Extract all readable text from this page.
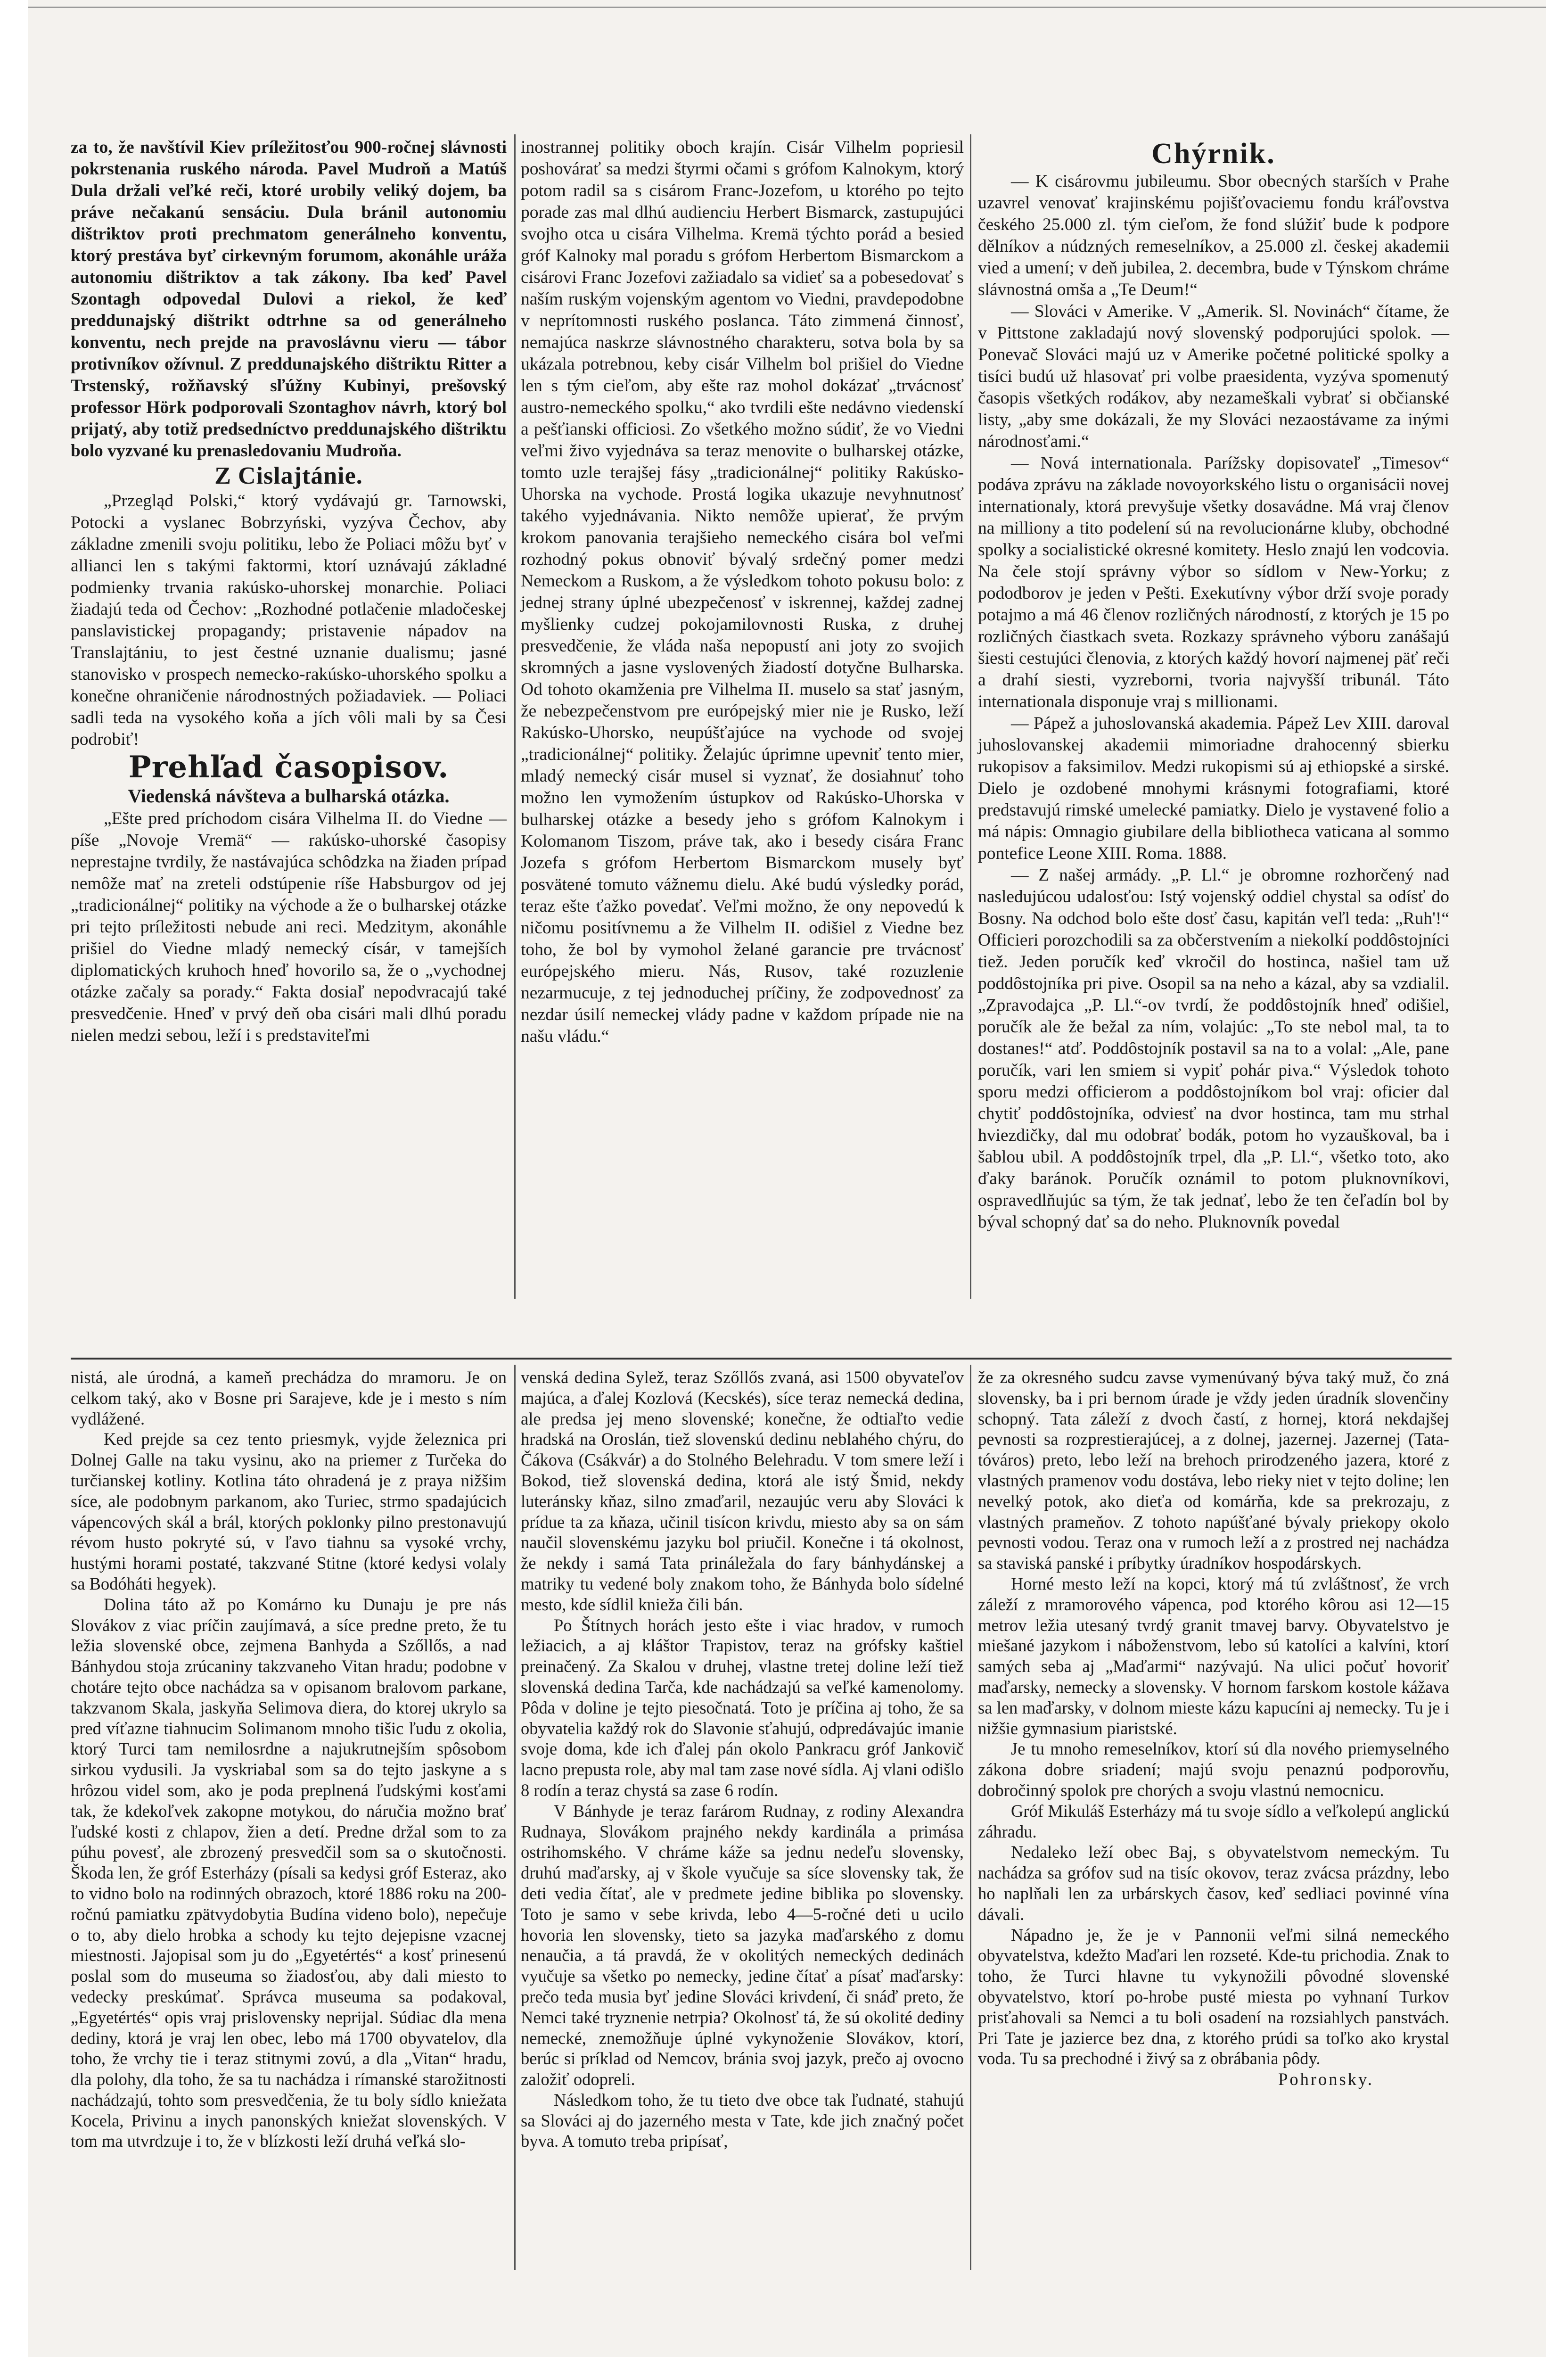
za to, že navštívil Kiev príležitosťou 900-ročnej slávnosti pokrstenania ruského národa. Pavel Mudroň a Matúš Dula držali veľké reči, ktoré urobily veliký dojem, ba práve nečakanú sensáciu. Dula bránil autonomiu dištriktov proti prechmatom generálneho konventu, ktorý prestáva byť cirkevným forumom, akonáhle uráža autonomiu dištriktov a tak zákony. Iba keď Pavel Szontagh odpovedal Dulovi a riekol, že keď preddunajský dištrikt odtrhne sa od generálneho konventu, nech prejde na pravoslávnu vieru — tábor protivníkov ožívnul. Z preddunajského dištriktu Ritter a Trstenský, rožňavský sľúžny Kubinyi, prešovský professor Hörk podporovali Szontaghov návrh, ktorý bol prijatý, aby totiž predsedníctvo preddunajského dištriktu bolo vyzvané ku prenasledovaniu Mudroňa.

Z Cislajtánie.

„Przegląd Polski,“ ktorý vydávajú gr. Tarnowski, Potocki a vyslanec Bobrzyński, vyzýva Čechov, aby základne zmenili svoju politiku, lebo že Poliaci môžu byť v allianci len s takými faktormi, ktorí uznávajú základné podmienky trvania rakúsko-uhorskej monarchie. Poliaci žiadajú teda od Čechov: „Rozhodné potlačenie mladočeskej panslavistickej propagandy; pristavenie nápadov na Translajtániu, to jest čestné uznanie dualismu; jasné stanovisko v prospech nemecko-rakúsko-uhorského spolku a konečne ohraničenie národnostných požiadaviek. — Poliaci sadli teda na vysokého koňa a jích vôli mali by sa Česi podrobiť!

Prehľad časopisov.

Viedenská návšteva a bulharská otázka.

„Ešte pred príchodom cisára Vilhelma II. do Viedne — píše „Novoje Vremä“ — rakúsko-uhorské časopisy neprestajne tvrdily, že nastávajúca schôdzka na žiaden prípad nemôže mať na zreteli odstúpenie ríše Habsburgov od jej „tradicionálnej“ politiky na východe a že o bulharskej otázke pri tejto príležitosti nebude ani reci. Medzitym, akonáhle prišiel do Viedne mladý nemecký císár, v tamejších diplomatických kruhoch hneď hovorilo sa, že o „vychodnej otázke začaly sa porady.“ Fakta dosiaľ nepodvracajú také presvedčenie. Hneď v prvý deň oba cisári mali dlhú poradu nielen medzi sebou, leží i s predstaviteľmi

inostrannej politiky oboch krajín. Cisár Vilhelm popriesil poshovárať sa medzi štyrmi očami s grófom Kalnokym, ktorý potom radil sa s cisárom Franc-Jozefom, u ktorého po tejto porade zas mal dlhú audienciu Herbert Bismarck, zastupujúci svojho otca u cisára Vilhelma. Kremä týchto porád a besied gróf Kalnoky mal poradu s grófom Herbertom Bismarckom a cisárovi Franc Jozefovi zažiadalo sa vidieť sa a pobesedovať s naším ruským vojenským agentom vo Viedni, pravdepodobne v neprítomnosti ruského poslanca. Táto zimmená činnosť, nemajúca naskrze slávnostného charakteru, sotva bola by sa ukázala potrebnou, keby cisár Vilhelm bol prišiel do Viedne len s tým cieľom, aby ešte raz mohol dokázať „trvácnosť austro-nemeckého spolku,“ ako tvrdili ešte nedávno viedenskí a pešťianski officiosi. Zo všetkého možno súdiť, že vo Viedni veľmi živo vyjednáva sa teraz menovite o bulharskej otázke, tomto uzle terajšej fásy „tradicionálnej“ politiky Rakúsko-Uhorska na vychode. Prostá logika ukazuje nevyhnutnosť takého vyjednávania. Nikto nemôže upierať, že prvým krokom panovania terajšieho nemeckého cisára bol veľmi rozhodný pokus obnoviť bývalý srdečný pomer medzi Nemeckom a Ruskom, a že výsledkom tohoto pokusu bolo: z jednej strany úplné ubezpečenosť v iskrennej, každej zadnej myšlienky cudzej pokojamilovnosti Ruska, z druhej presvedčenie, že vláda naša nepopustí ani joty zo svojich skromných a jasne vyslovených žiadostí dotyčne Bulharska. Od tohoto okamženia pre Vilhelma II. muselo sa stať jasným, že nebezpečenstvom pre európejský mier nie je Rusko, leží Rakúsko-Uhorsko, neupúšťajúce na vychode od svojej „tradicionálnej“ politiky. Želajúc úprimne upevniť tento mier, mladý nemecký cisár musel si vyznať, že dosiahnuť toho možno len vymožením ústupkov od Rakúsko-Uhorska v bulharskej otázke a besedy jeho s grófom Kalnokym i Kolomanom Tiszom, práve tak, ako i besedy cisára Franc Jozefa s grófom Herbertom Bismarckom musely byť posvätené tomuto vážnemu dielu. Aké budú výsledky porád, teraz ešte ťažko povedať. Veľmi možno, že ony nepovedú k ničomu positívnemu a že Vilhelm II. odišiel z Viedne bez toho, že bol by vymohol želané garancie pre trvácnosť európejského mieru. Nás, Rusov, také rozuzlenie nezarmucuje, z tej jednoduchej príčiny, že zodpovednosť za nezdar úsilí nemeckej vlády padne v každom prípade nie na našu vládu.“

Chýrnik.

— K cisárovmu jubileumu. Sbor obecných starších v Prahe uzavrel venovať krajinskému pojišťovaciemu fondu kráľovstva českého 25.000 zl. tým cieľom, že fond slúžiť bude k podpore dělníkov a núdzných remeselníkov, a 25.000 zl. českej akademii vied a umení; v deň jubilea, 2. decembra, bude v Týnskom chráme slávnostná omša a „Te Deum!“

— Slováci v Amerike. V „Amerik. Sl. Novinách“ čítame, že v Pittstone zakladajú nový slovenský podporujúci spolok. — Ponevač Slováci majú uz v Amerike početné politické spolky a tisíci budú už hlasovať pri volbe praesidenta, vyzýva spomenutý časopis všetkých rodákov, aby nezameškali vybrať si občianské listy, „aby sme dokázali, že my Slováci nezaostávame za inými národnosťami.“

— Nová internationala. Parížsky dopisovateľ „Timesov“ podáva zprávu na základe novoyorkského listu o organisácii novej internationaly, ktorá prevyšuje všetky dosavádne. Má vraj členov na milliony a tito podelení sú na revolucionárne kluby, obchodné spolky a socialistické okresné komitety. Heslo znajú len vodcovia. Na čele stojí správny výbor so sídlom v New-Yorku; z pododborov je jeden v Pešti. Exekutívny výbor drží svoje porady potajmo a má 46 členov rozličných národností, z ktorých je 15 po rozličných čiastkach sveta. Rozkazy správneho výboru zanášajú šiesti cestujúci členovia, z ktorých každý hovorí najmenej päť reči a drahí siesti, vyzreborni, tvoria najvyšší tribunál. Táto internationala disponuje vraj s millionami.

— Pápež a juhoslovanská akademia. Pápež Lev XIII. daroval juhoslovanskej akademii mimoriadne drahocenný sbierku rukopisov a faksimilov. Medzi rukopismi sú aj ethiopské a sirské. Dielo je ozdobené mnohymi krásnymi fotografiami, ktoré predstavujú rimské umelecké pamiatky. Dielo je vystavené folio a má nápis: Omnagio giubilare della bibliotheca vaticana al sommo pontefice Leone XIII. Roma. 1888.

— Z našej armády. „P. Ll.“ je obromne rozhorčený nad nasledujúcou udalosťou: Istý vojenský oddiel chystal sa odísť do Bosny. Na odchod bolo ešte dosť času, kapitán veľl teda: „Ruh'!“ Officieri porozchodili sa za občerstvením a niekolkí poddôstojníci tiež. Jeden poručík keď vkročil do hostinca, našiel tam už poddôstojníka pri pive. Osopil sa na neho a kázal, aby sa vzdialil. „Zpravodajca „P. Ll.“-ov tvrdí, že poddôstojník hneď odišiel, poručík ale že bežal za ním, volajúc: „To ste nebol mal, ta to dostanes!“ atď. Poddôstojník postavil sa na to a volal: „Ale, pane poručík, vari len smiem si vypiť pohár piva.“ Výsledok tohoto sporu medzi officierom a poddôstojníkom bol vraj: oficier dal chytiť poddôstojníka, odviesť na dvor hostinca, tam mu strhal hviezdičky, dal mu odobrať bodák, potom ho vyzauškoval, ba i šablou ubil. A poddôstojník trpel, dla „P. Ll.“, všetko toto, ako ďaky baránok. Poručík oznámil to potom pluknovníkovi, ospravedlňujúc sa tým, že tak jednať, lebo že ten čeľadín bol by býval schopný dať sa do neho. Pluknovník povedal

nistá, ale úrodná, a kameň prechádza do mramoru. Je on celkom taký, ako v Bosne pri Sarajeve, kde je i mesto s ním vydlážené.

Ked prejde sa cez tento priesmyk, vyjde železnica pri Dolnej Galle na taku vysinu, ako na priemer z Turčeka do turčianskej kotliny. Kotlina táto ohradená je z praya nižšim síce, ale podobnym parkanom, ako Turiec, strmo spadajúcich vápencových skál a brál, ktorých poklonky pilno prestonavujú révom husto pokryté sú, v ľavo tiahnu sa vysoké vrchy, hustými horami postaté, takzvané Stitne (ktoré kedysi volaly sa Bodóháti hegyek).

Dolina táto až po Komárno ku Dunaju je pre nás Slovákov z viac príčin zaujímavá, a síce predne preto, že tu ležia slovenské obce, zejmena Banhyda a Szőllős, a nad Bánhydou stoja zrúcaniny takzvaneho Vitan hradu; podobne v chotáre tejto obce nachádza sa v opisanom bralovom parkane, takzvanom Skala, jaskyňa Selimova diera, do ktorej ukrylo sa pred víťazne tiahnucim Solimanom mnoho tišic ľudu z okolia, ktorý Turci tam nemilosrdne a najukrutnejším spôsobom sirkou vydusili. Ja vyskriabal som sa do tejto jaskyne a s hrôzou videl som, ako je poda preplnená ľudskými kosťami tak, že kdekoľvek zakopne motykou, do náručia možno brať ľudské kosti z chlapov, žien a detí. Predne držal som to za púhu povesť, ale zbrozený presvedčil som sa o skutočnosti. Škoda len, že gróf Esterházy (písali sa kedysi gróf Esteraz, ako to vidno bolo na rodinných obrazoch, ktoré 1886 roku na 200-ročnú pamiatku zpätvydobytia Budína videno bolo), nepečuje o to, aby dielo hrobka a schody ku tejto dejepisne vzacnej miestnosti. Jajopisal som ju do „Egyetértés“ a kosť prinesenú poslal som do museuma so žiadosťou, aby dali miesto to vedecky preskúmať. Správca museuma sa podakoval, „Egyetértés“ opis vraj prislovensky neprijal. Súdiac dla mena dediny, ktorá je vraj len obec, lebo má 1700 obyvatelov, dla toho, že vrchy tie i teraz stitnymi zovú, a dla „Vitan“ hradu, dla polohy, dla toho, že sa tu nachádza i rímanské starožitnosti nachádzajú, tohto som presvedčenia, že tu boly sídlo kniežata Kocela, Privinu a inych panonských kniežat slovenských. V tom ma utvrdzuje i to, že v blízkosti leží druhá veľká slo-

venská dedina Sylež, teraz Szőllős zvaná, asi 1500 obyvateľov majúca, a ďalej Kozlová (Kecskés), síce teraz nemecká dedina, ale predsa jej meno slovenské; konečne, že odtiaľto vedie hradská na Oroslán, tiež slovenskú dedinu neblahého chýru, do Čákova (Csákvár) a do Stolného Belehradu. V tom smere leží i Bokod, tiež slovenská dedina, ktorá ale istý Šmid, nekdy luteránsky kňaz, silno zmaďaril, nezaujúc veru aby Slováci k prídue ta za kňaza, učinil tisícon krivdu, miesto aby sa on sám naučil slovenskému jazyku bol priučil. Konečne i tá okolnost, že nekdy i samá Tata prináležala do fary bánhydánskej a matriky tu vedené boly znakom toho, že Bánhyda bolo sídelné mesto, kde sídlil knieža čili bán.

Po Štítnych horách jesto ešte i viac hradov, v rumoch ležiacich, a aj kláštor Trapistov, teraz na grófsky kaštiel preinačený. Za Skalou v druhej, vlastne tretej doline leží tiež slovenská dedina Tarča, kde nachádzajú sa veľké kamenolomy. Pôda v doline je tejto piesočnatá. Toto je príčina aj toho, že sa obyvatelia každý rok do Slavonie sťahujú, odpredávajúc imanie svoje doma, kde ich ďalej pán okolo Pankracu gróf Jankovič lacno prepusta role, aby mal tam zase nové sídla. Aj vlani odišlo 8 rodín a teraz chystá sa zase 6 rodín.

V Bánhyde je teraz farárom Rudnay, z rodiny Alexandra Rudnaya, Slovákom prajného nekdy kardinála a primása ostrihomského. V chráme káže sa jednu nedeľu slovensky, druhú maďarsky, aj v škole vyučuje sa síce slovensky tak, že deti vedia čítať, ale v predmete jedine biblika po slovensky. Toto je samo v sebe krivda, lebo 4—5-ročné deti u ucilo hovoria len slovensky, tieto sa jazyka maďarského z domu nenaučia, a tá pravdá, že v okolitých nemeckých dedinách vyučuje sa všetko po nemecky, jedine čítať a písať maďarsky: prečo teda musia byť jedine Slováci krivdení, či snáď preto, že Nemci také tryznenie netrpia? Okolnosť tá, že sú okolité dediny nemecké, znemožňuje úplné vykynoženie Slovákov, ktorí, berúc si príklad od Nemcov, bránia svoj jazyk, prečo aj ovocno založiť odopreli.

Následkom toho, že tu tieto dve obce tak ľudnaté, stahujú sa Slováci aj do jazerného mesta v Tate, kde jich značný počet byva. A tomuto treba pripísať,

že za okresného sudcu zavse vymenúvaný býva taký muž, čo zná slovensky, ba i pri bernom úrade je vždy jeden úradník slovenčiny schopný. Tata záleží z dvoch častí, z hornej, ktorá nekdajšej pevnosti sa rozprestierajúcej, a z dolnej, jazernej. Jazernej (Tata-tóváros) preto, lebo leží na brehoch prirodzeného jazera, ktoré z vlastných pramenov vodu dostáva, lebo rieky niet v tejto doline; len nevelký potok, ako dieťa od komárňa, kde sa prekrozaju, z vlastných prameňov. Z tohoto napúšťané bývaly priekopy okolo pevnosti vodou. Teraz ona v rumoch leží a z prostred nej nachádza sa staviská panské i príbytky úradníkov hospodárskych.

Horné mesto leží na kopci, ktorý má tú zvláštnosť, že vrch záleží z mramorového vápenca, pod ktorého kôrou asi 12—15 metrov ležia utesaný tvrdý granit tmavej barvy. Obyvatelstvo je miešané jazykom i náboženstvom, lebo sú katolíci a kalvíni, ktorí samých seba aj „Maďarmi“ nazývajú. Na ulici počuť hovoriť maďarsky, nemecky a slovensky. V hornom farskom kostole kážava sa len maďarsky, v dolnom mieste kázu kapucíni aj nemecky. Tu je i nižšie gymnasium piaristské.

Je tu mnoho remeselníkov, ktorí sú dla nového priemyselného zákona dobre sriadení; majú svoju penaznú podporovňu, dobročinný spolok pre chorých a svoju vlastnú nemocnicu.

Gróf Mikuláš Esterházy má tu svoje sídlo a veľkolepú anglickú záhradu.

Nedaleko leží obec Baj, s obyvatelstvom nemeckým. Tu nachádza sa grófov sud na tisíc okovov, teraz zvácsa prázdny, lebo ho naplňali len za urbárskych časov, keď sedliaci povinné vína dávali.

Nápadno je, že je v Pannonii veľmi silná nemeckého obyvatelstva, kdežto Maďari len rozseté. Kde-tu prichodia. Znak to toho, že Turci hlavne tu vykynožili pôvodné slovenské obyvatelstvo, ktorí po-hrobe pusté miesta po vyhnaní Turkov prisťahovali sa Nemci a tu boli osadení na rozsiahlych panstvách. Pri Tate je jazierce bez dna, z ktorého prúdi sa toľko ako krystal voda. Tu sa prechodné i živý sa z obrábania pôdy.

Pohronsky.
